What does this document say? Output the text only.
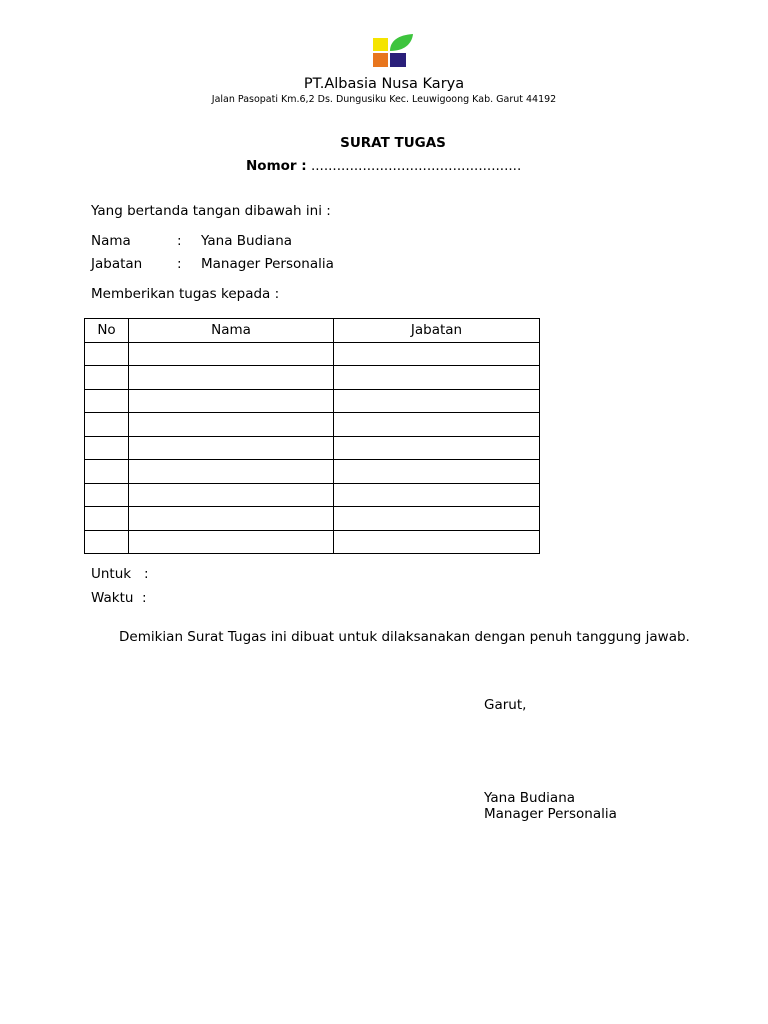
PT.Albasia Nusa Karya
Jalan Pasopati Km.6,2 Ds. Dungusiku Kec. Leuwigoong Kab. Garut 44192
SURAT TUGAS
Nomor : .................................................
Yang bertanda tangan dibawah ini :
Nama	: Yana Budiana
Jabatan	: Manager Personalia
Memberikan tugas kepada :
No	Nama	Jabatan

Untuk   :
Waktu  :
Demikian Surat Tugas ini dibuat untuk dilaksanakan dengan penuh tanggung jawab.
Garut,
Yana Budiana
Manager Personalia
